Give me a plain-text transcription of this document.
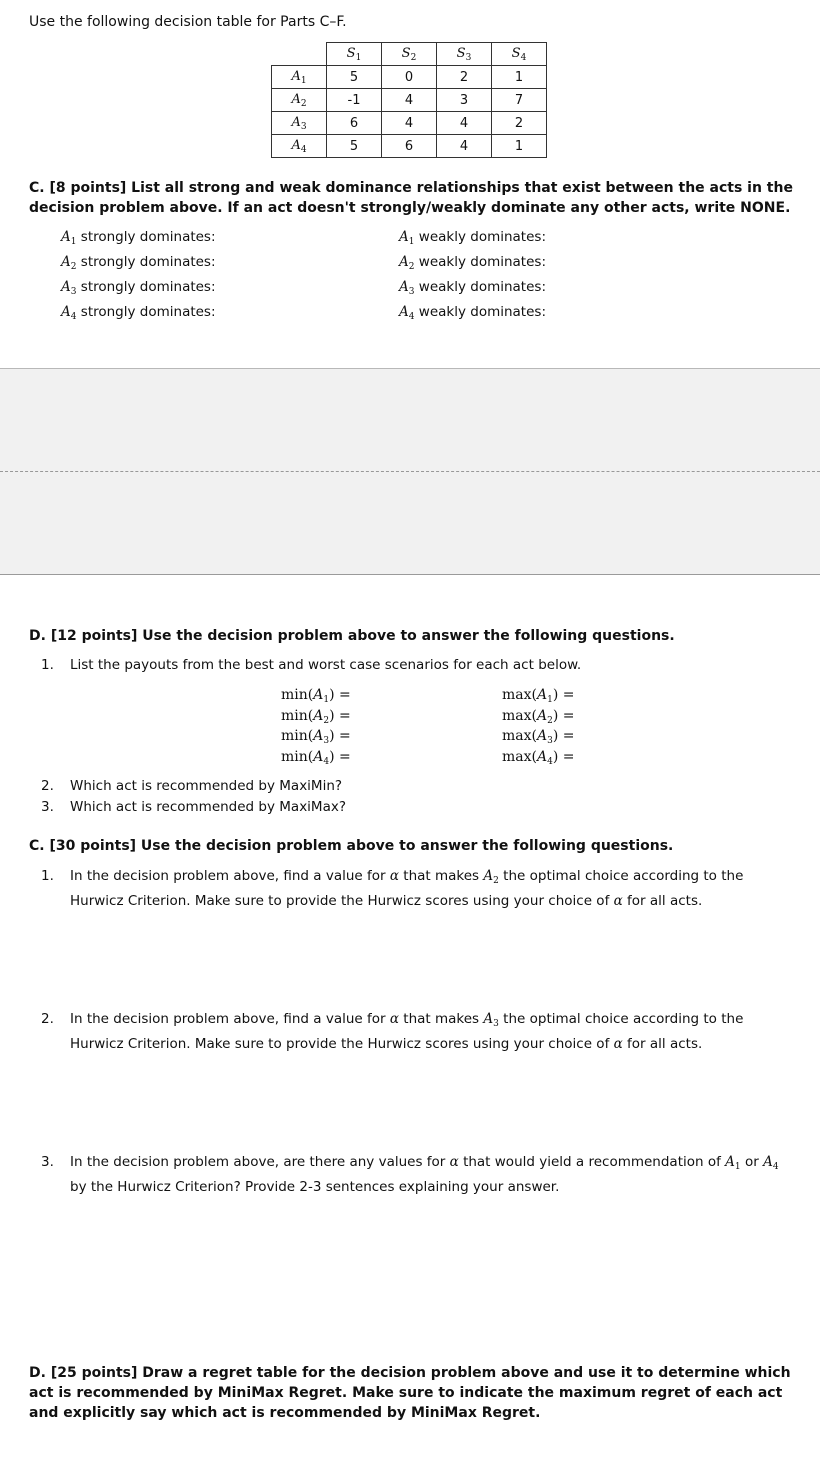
Use the following decision table for Parts C–F.
	$S_1$	$S_2$	$S_3$	$S_4$
$A_1$	5	0	2	1
$A_2$	-1	4	3	7
$A_3$	6	4	4	2
$A_4$	5	6	4	1
C. [8 points] List all strong and weak dominance relationships that exist between the acts in the decision problem above. If an act doesn't strongly/weakly dominate any other acts, write NONE.
$A_1$ strongly dominates:
$A_2$ strongly dominates:
$A_3$ strongly dominates:
$A_4$ strongly dominates:
$A_1$ weakly dominates:
$A_2$ weakly dominates:
$A_3$ weakly dominates:
$A_4$ weakly dominates:
D. [12 points] Use the decision problem above to answer the following questions.
1. List the payouts from the best and worst case scenarios for each act below.
$\min(A_1)$ =
$\min(A_2)$ =
$\min(A_3)$ =
$\min(A_4)$ =
$\max(A_1)$ =
$\max(A_2)$ =
$\max(A_3)$ =
$\max(A_4)$ =
2. Which act is recommended by MaxiMin?
3. Which act is recommended by MaxiMax?
C. [30 points] Use the decision problem above to answer the following questions.
1. In the decision problem above, find a value for α that makes $A_2$ the optimal choice according to the
Hurwicz Criterion. Make sure to provide the Hurwicz scores using your choice of α for all acts.
2. In the decision problem above, find a value for α that makes $A_3$ the optimal choice according to the
Hurwicz Criterion. Make sure to provide the Hurwicz scores using your choice of α for all acts.
3. In the decision problem above, are there any values for α that would yield a recommendation of $A_1$ or $A_4$
by the Hurwicz Criterion? Provide 2-3 sentences explaining your answer.
D. [25 points] Draw a regret table for the decision problem above and use it to determine which act is recommended by MiniMax Regret. Make sure to indicate the maximum regret of each act and explicitly say which act is recommended by MiniMax Regret.
